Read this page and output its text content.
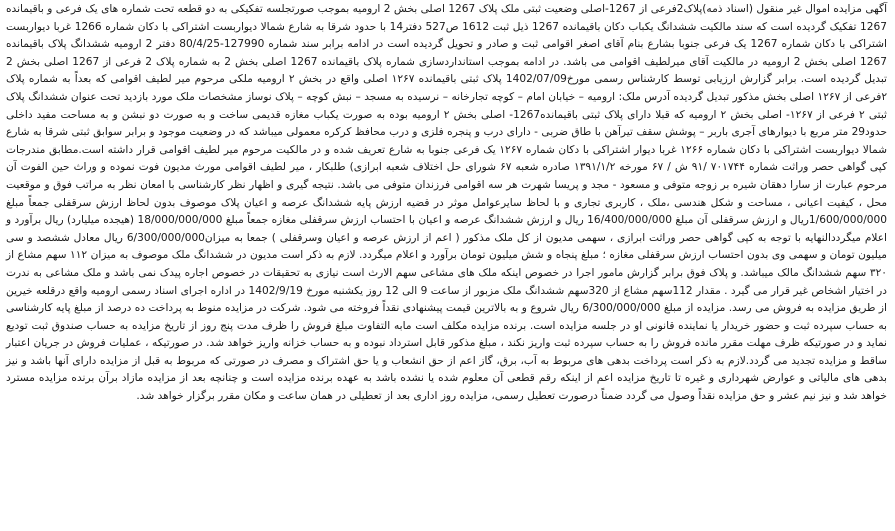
آگهی مزایده اموال غیر منقول (اسناد ذمه)پلاک2فرعی از 1267-اصلی وضعیت ثبتی ملک پلاک 1267 اصلی بخش 2 ارومیه بموجب صورتجلسه تفکیکی به دو قطعه تحت شماره های یک فرعی و باقیمانده 1267 تفکیک گردیده است که سند مالکیت ششدانگ یکباب دکان باقیمانده 1267 ذیل ثبت 1612 ص527 دفتر14 با حدود شرقا به شارع شمالا دیواربست اشتراکی با دکان شماره 1266 غربا دیواربست اشتراکی با دکان شماره 1267 یک فرعی جنوبا بشارع بنام آقای اصغر اقوامی ثبت و صادر و تحویل گردیده است در ادامه برابر سند شماره 127990-80/4/25 دفتر 2 ارومیه ششدانگ پلاک باقیمانده 1267 اصلی بخش 2 ارومیه در مالکیت آقای میرلطیف اقوامی می باشد. در ادامه بموجب استانداردسازی شماره پلاک باقیمانده 1267 اصلی بخش 2 به شماره پلاک 2 فرعی از 1267 اصلی بخش 2 تبدیل گردیده است. برابر گزارش ارزیابی توسط کارشناس رسمی مورخ1402/07/09 پلاک ثبتی باقیمانده ۱۲۶۷ اصلی واقع در بخش ۲ ارومیه ملکی مرحوم میر لطیف اقوامی که بعداً به شماره پلاک ۲فرعی از ۱۲۶۷ اصلی بخش مذکور تبدیل گردیده آدرس ملک: ارومیه – خیابان امام – کوچه تجارخانه – نرسیده به مسجد – نبش کوچه – پلاک نوساز مشخصات ملک مورد بازدید تحت عنوان ششدانگ پلاک ثبتی ۲ فرعی از ۱۲۶۷- اصلی بخش ۲ ارومیه که قبلا دارای پلاک ثبتی باقیمانده1267- اصلی بخش ۲ ارومیه بوده به صورت یکباب مغازه قدیمی ساخت و به صورت دو نبشن و به مساحت مفید داخلی حدود29 متر مربع با دیوارهای آجری باربر – پوشش سقف تیرآهن با طاق ضربی - دارای درب و پنجره فلزی و درب محافظ کرکره معمولی میباشد که در وضعیت موجود و برابر سوابق ثبتی شرقا به شارع شمالا دیواربست اشتراکی با دکان شماره ۱۲۶۶ غربا دیوار اشتراکی با دکان شماره ۱۲۶۷ یک فرعی جنوبا به شارع تعریف شده و در مالکیت مرحوم میر لطیف اقوامی قرار داشته است.مطابق مندرجات کپی گواهی حصر وراثت شماره ۷۰۱۷۴۴ /۹۱ ش / ۶۷ مورخه ۱۳۹۱/۱/۲ صادره شعبه ۶۷ شورای حل اختلاف شعبه ابرازی) طلبکار ، میر لطیف اقوامی مورث مدیون فوت نموده و وراث حین الفوت آن مرحوم عبارت از سارا دهقان شیره بر زوجه متوفی و مسعود - مجد و پریسا شهرت هر سه اقوامی فرزندان متوفی می باشد. نتیجه گیری و اظهار نظر کارشناسی با امعان نظر به مراتب فوق و موقعیت محل ، کیفیت اعیانی ، مساحت و شکل هندسی ،ملک ، کاربری تجاری و با لحاظ سایرعوامل موثر در قضیه ارزش پایه ششدانگ عرصه و اعیان پلاک موصوف بدون لحاظ ارزش سرقفلی جمعاً مبلغ 1/600/000/000ریال و ارزش سرقفلی آن مبلغ 16/400/000/000 ریال و ارزش ششدانگ عرصه و اعیان با احتساب ارزش سرقفلی مغازه جمعاً مبلغ 18/000/000/000 (هیجده میلیارد) ریال برآورد و اعلام میگرددالنهایه با توجه به کپی گواهی حصر وراثت ابرازی ، سهمی مدیون از کل ملک مذکور ( اعم از ارزش عرصه و اعیان وسرقفلی ) جمعا به میزان6/300/000/000 ریال معادل ششصد و سی میلیون تومان و سهمی وی بدون احتساب ارزش سرقفلی مغازه ؛ مبلغ پنجاه و شش میلیون تومان برآورد و اعلام میگردد. لازم به ذکر است مدیون در ششدانگ ملک موصوف به میزان ۱۱۲ سهم مشاع از ۳۲۰ سهم ششدانگ مالک میباشد. و پلاک فوق برابر گزارش مامور اجرا در خصوص اینکه ملک های مشاعی سهم الارث است نیازی به تحقیقات در خصوص اجاره پیدک نمی باشد و ملک مشاعی به ندرت در اختیار اشخاص غیر قرار می گیرد . مقدار 112سهم مشاع از 320سهم ششدانگ ملک مزبور از ساعت 9 الی 12 روز یکشنبه مورخ 1402/9/19 در اداره اجرای اسناد رسمی ارومیه واقع درقلعه خیرین از طریق مزایده به فروش می رسد. مزایده از مبلغ 6/300/000/000 ریال شروع و به بالاترین قیمت پیشنهادی نقداً فروخته می شود. شرکت در مزایده منوط به پرداخت ده درصد از مبلغ پایه کارشناسی به حساب سپرده ثبت و حضور خریدار یا نماینده قانونی او در جلسه مزایده است. برنده مزایده مکلف است مابه التفاوت مبلغ فروش را ظرف مدت پنج روز از تاریخ مزایده به حساب صندوق ثبت تودیع نماید و در صورتیکه ظرف مهلت مقرر مانده فروش را به حساب سپرده ثبت واریز نکند ، مبلغ مذکور قابل استرداد نبوده و به حساب خزانه واریز خواهد شد. در صورتیکه ، عملیات فروش در جریان اعتبار ساقط و مزایده تجدید می گردد.لازم به ذکر است پرداخت بدهی های مربوط به آب، برق، گاز اعم از حق انشعاب و یا حق اشتراک و مصرف در صورتی که مربوط به قبل از مزایده دارای آنها باشد و نیز بدهی های مالیاتی و عوارض شهرداری و غیره تا تاریخ مزایده اعم از اینکه رقم قطعی آن معلوم شده یا نشده باشد به عهده برنده مزایده است و چنانچه بعد از مزایده مازاد برآن برنده مزایده مسترد خواهد شد و نیز نیم عشر و حق مزایده نقداً وصول می گردد ضمناً درصورت تعطیل رسمی، مزایده روز اداری بعد از تعطیلی در همان ساعت و مکان مقرر برگزار خواهد شد.
